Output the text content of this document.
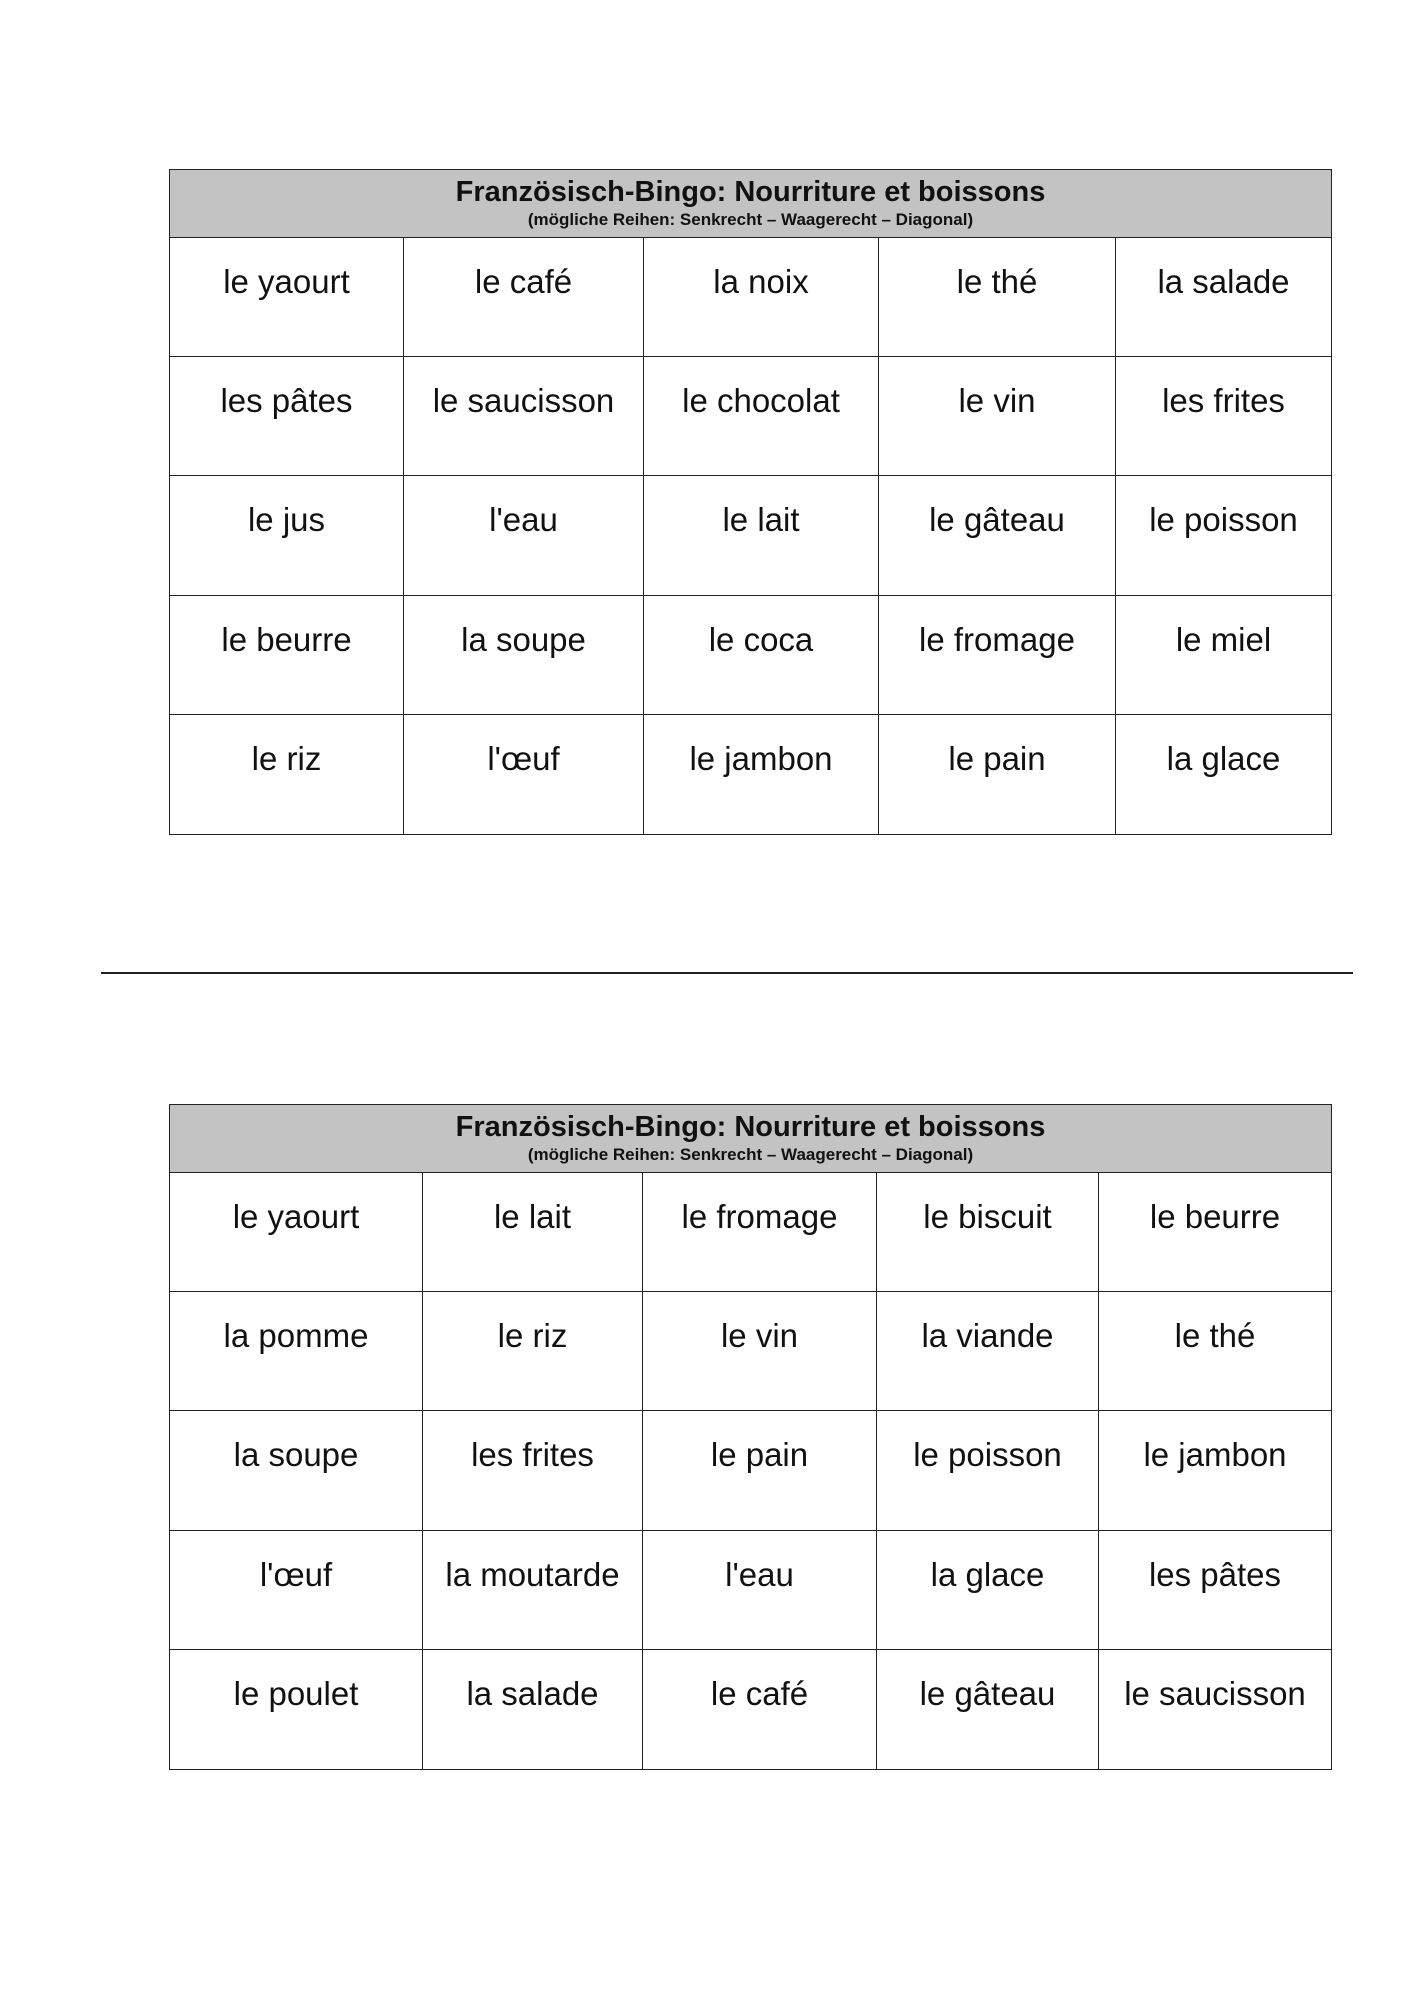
Französisch-Bingo: Nourriture et boissons
(mögliche Reihen: Senkrecht – Waagerecht – Diagonal)
le yaourt	le café	la noix	le thé	la salade
les pâtes	le saucisson	le chocolat	le vin	les frites
le jus	l'eau	le lait	le gâteau	le poisson
le beurre	la soupe	le coca	le fromage	le miel
le riz	l'œuf	le jambon	le pain	la glace
Französisch-Bingo: Nourriture et boissons
(mögliche Reihen: Senkrecht – Waagerecht – Diagonal)
le yaourt	le lait	le fromage	le biscuit	le beurre
la pomme	le riz	le vin	la viande	le thé
la soupe	les frites	le pain	le poisson	le jambon
l'œuf	la moutarde	l'eau	la glace	les pâtes
le poulet	la salade	le café	le gâteau	le saucisson
